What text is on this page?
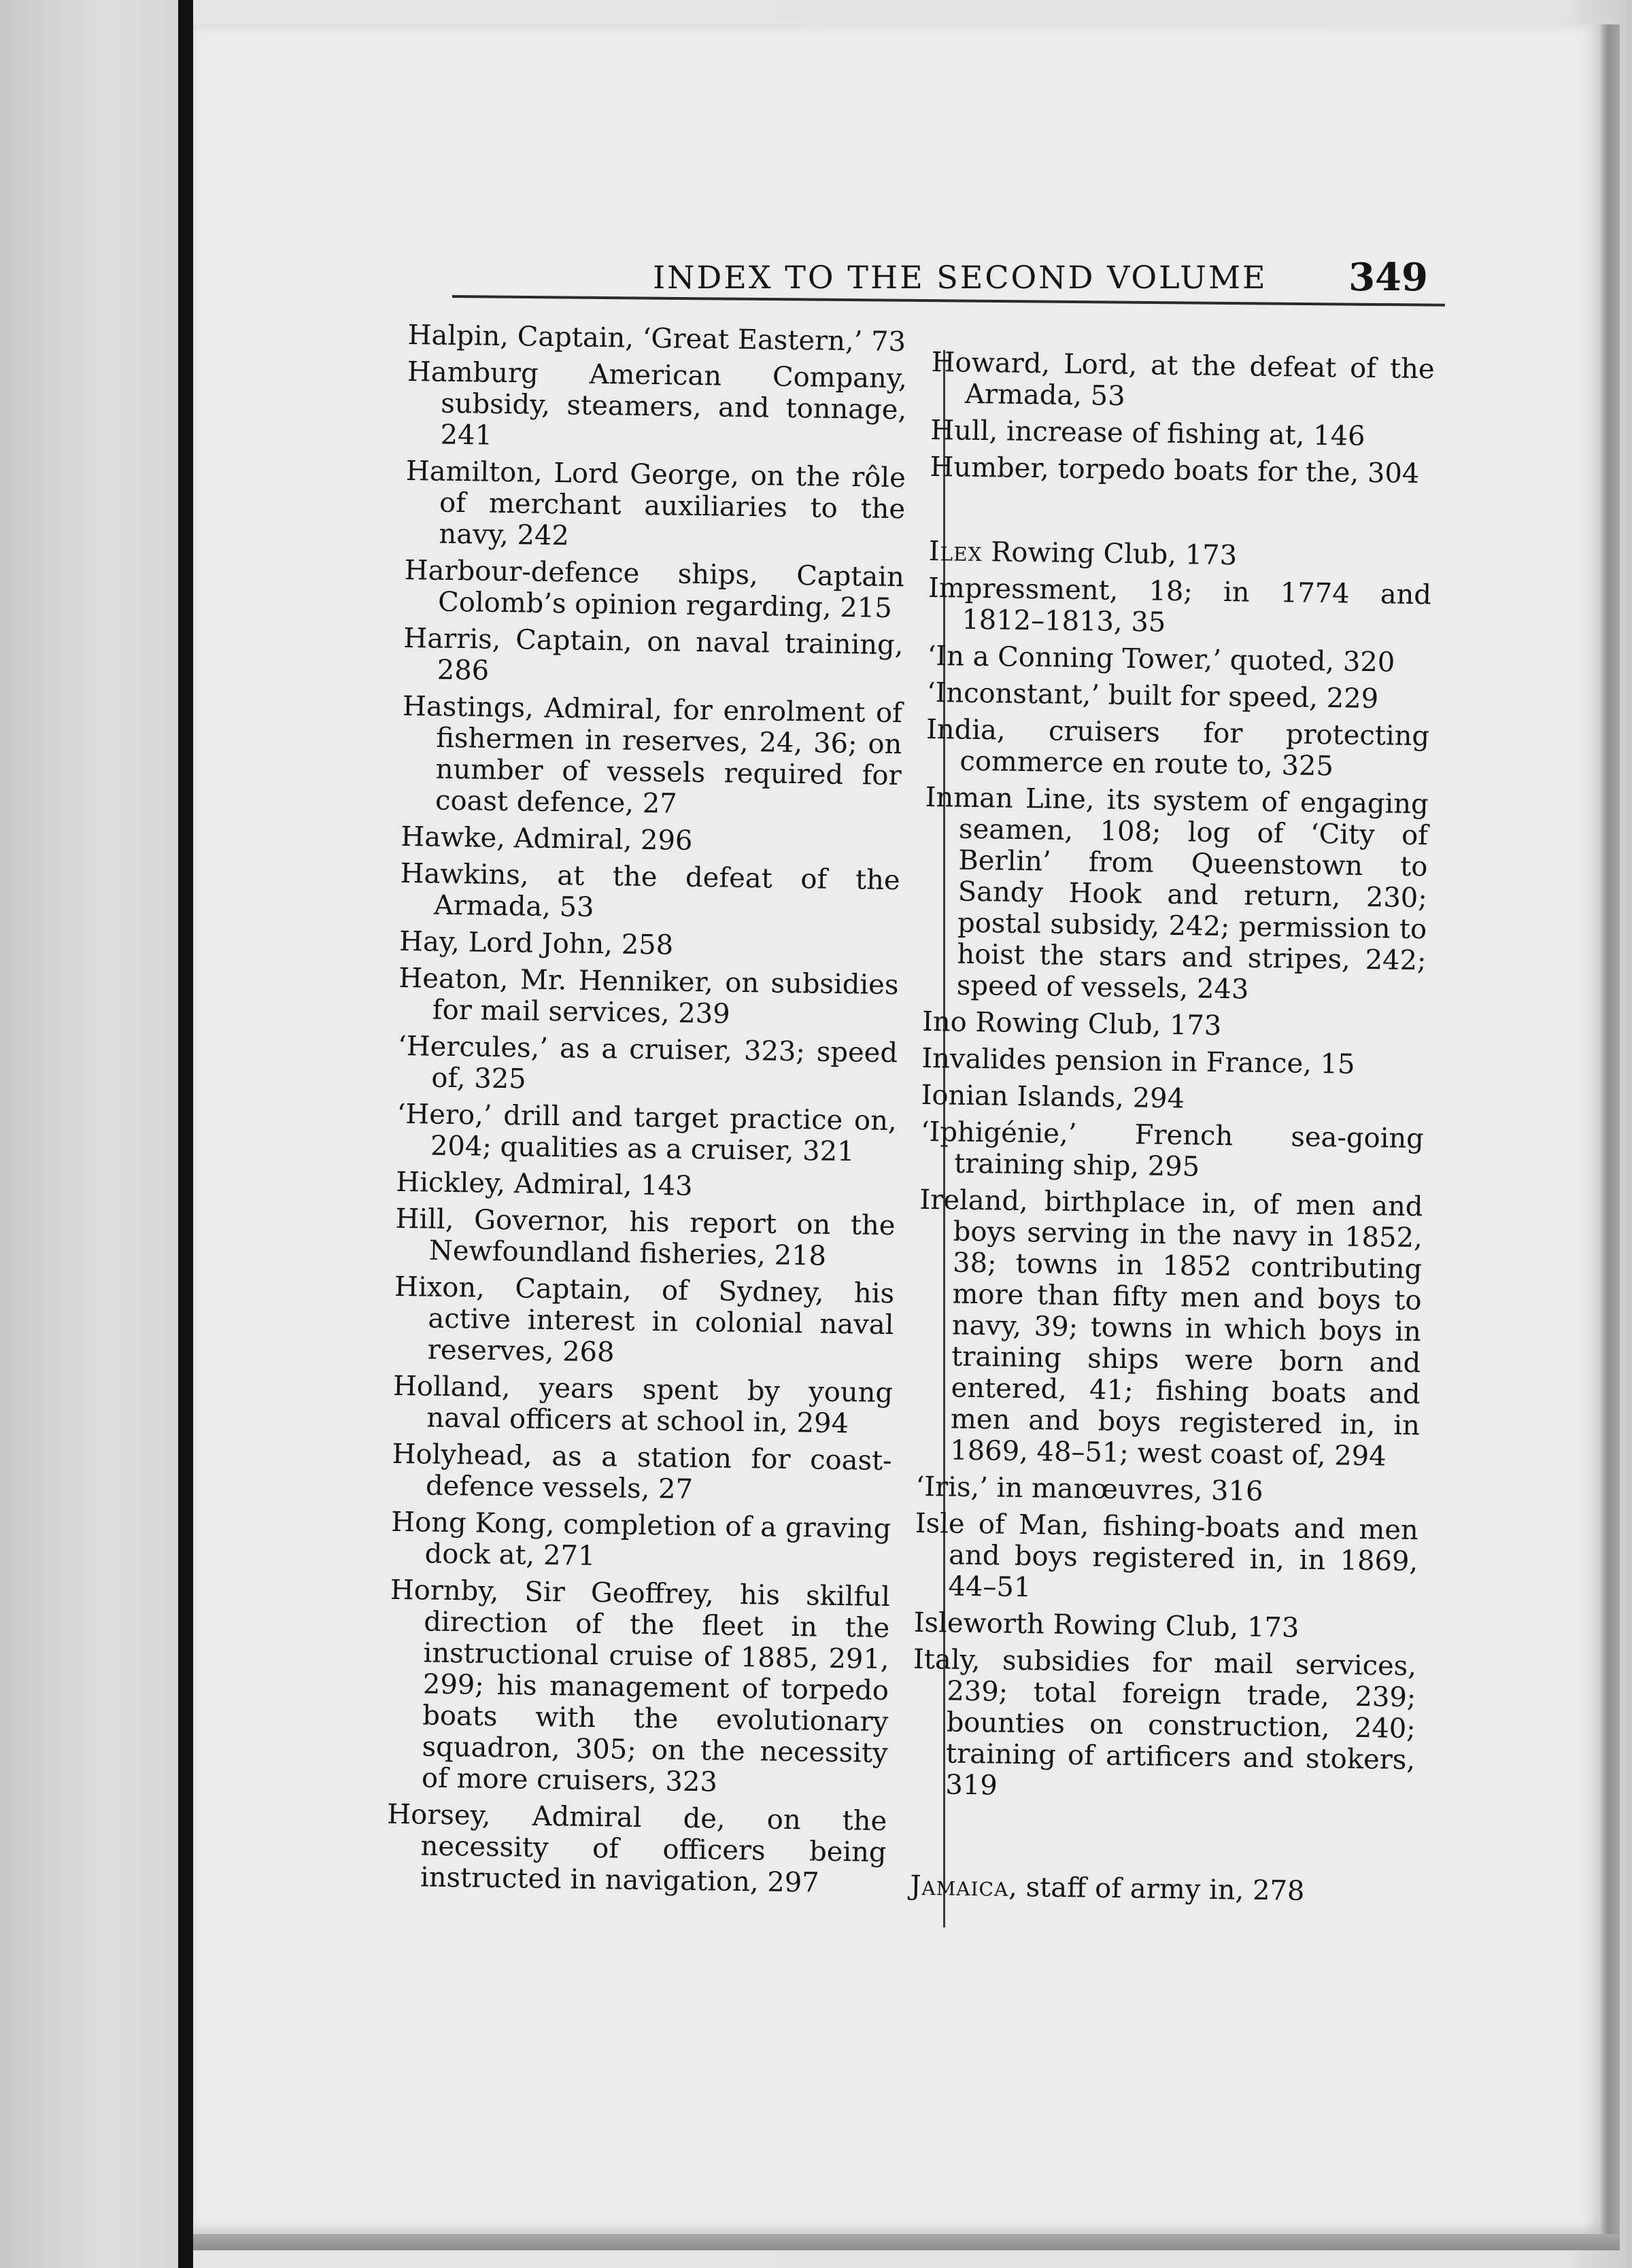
INDEX TO THE SECOND VOLUME 349

Halpin, Captain, ‘Great Eastern,’ 73

Hamburg American Company, subsidy, steamers, and tonnage, 241

Hamilton, Lord George, on the rôle of merchant auxiliaries to the navy, 242

Harbour-defence ships, Captain Colomb’s opinion regarding, 215

Harris, Captain, on naval training, 286

Hastings, Admiral, for enrolment of fishermen in reserves, 24, 36; on number of vessels required for coast defence, 27

Hawke, Admiral, 296

Hawkins, at the defeat of the Armada, 53

Hay, Lord John, 258

Heaton, Mr. Henniker, on subsidies for mail services, 239

‘Hercules,’ as a cruiser, 323; speed of, 325

‘Hero,’ drill and target practice on, 204; qualities as a cruiser, 321

Hickley, Admiral, 143

Hill, Governor, his report on the Newfoundland fisheries, 218

Hixon, Captain, of Sydney, his active interest in colonial naval reserves, 268

Holland, years spent by young naval officers at school in, 294

Holyhead, as a station for coast-defence vessels, 27

Hong Kong, completion of a graving dock at, 271

Hornby, Sir Geoffrey, his skilful direction of the fleet in the instructional cruise of 1885, 291, 299; his management of torpedo boats with the evolutionary squadron, 305; on the necessity of more cruisers, 323

Horsey, Admiral de, on the necessity of officers being instructed in navigation, 297

Howard, Lord, at the defeat of the Armada, 53

Hull, increase of fishing at, 146

Humber, torpedo boats for the, 304

Ilex Rowing Club, 173

Impressment, 18; in 1774 and 1812–1813, 35

‘In a Conning Tower,’ quoted, 320

‘Inconstant,’ built for speed, 229

India, cruisers for protecting commerce en route to, 325

Inman Line, its system of engaging seamen, 108; log of ‘City of Berlin’ from Queenstown to Sandy Hook and return, 230; postal subsidy, 242; permission to hoist the stars and stripes, 242; speed of vessels, 243

Ino Rowing Club, 173

Invalides pension in France, 15

Ionian Islands, 294

‘Iphigénie,’ French sea-going training ship, 295

Ireland, birthplace in, of men and boys serving in the navy in 1852, 38; towns in 1852 contributing more than fifty men and boys to navy, 39; towns in which boys in training ships were born and entered, 41; fishing boats and men and boys registered in, in 1869, 48–51; west coast of, 294

‘Iris,’ in manœuvres, 316

Isle of Man, fishing-boats and men and boys registered in, in 1869, 44–51

Isleworth Rowing Club, 173

Italy, subsidies for mail services, 239; total foreign trade, 239; bounties on construction, 240; training of artificers and stokers, 319

Jamaica, staff of army in, 278
